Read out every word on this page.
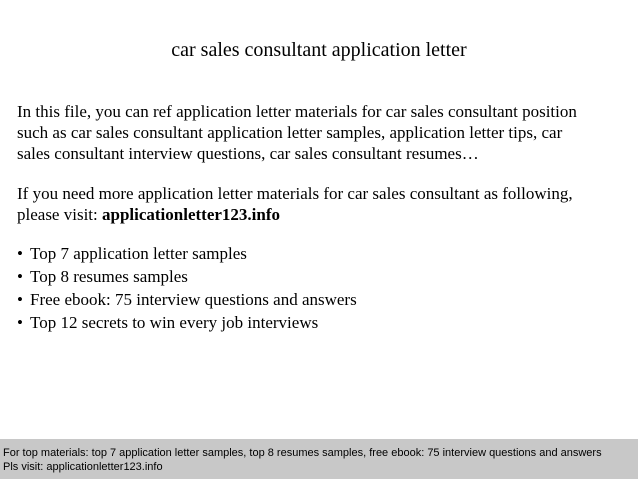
car sales consultant application letter
In this file, you can ref application letter materials for car sales consultant position
such as car sales consultant application letter samples, application letter tips, car
sales consultant interview questions, car sales consultant resumes…
If you need more application letter materials for car sales consultant as following,
please visit: applicationletter123.info
• Top 7 application letter samples
• Top 8 resumes samples
• Free ebook: 75 interview questions and answers
• Top 12 secrets to win every job interviews
For top materials: top 7 application letter samples, top 8 resumes samples, free ebook: 75 interview questions and answers
Pls visit: applicationletter123.info
